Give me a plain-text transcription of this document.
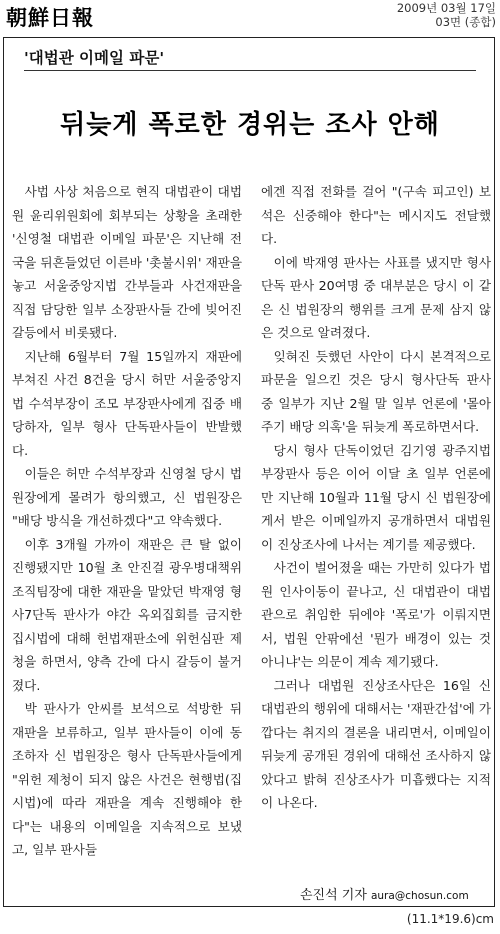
朝鮮日報	2009년 03월 17일
03면 (종합)
'대법관 이메일 파문'
뒤늦게 폭로한 경위는 조사 안해

사법 사상 처음으로 현직 대법관이 대법원 윤리위원회에 회부되는 상황을 초래한 '신영철 대법관 이메일 파문'은 지난해 전국을 뒤흔들었던 이른바 '촛불시위' 재판을 놓고 서울중앙지법 간부들과 사건재판을 직접 담당한 일부 소장판사들 간에 빚어진 갈등에서 비롯됐다.

지난해 6월부터 7월 15일까지 재판에 부쳐진 사건 8건을 당시 허만 서울중앙지법 수석부장이 조모 부장판사에게 집중 배당하자, 일부 형사 단독판사들이 반발했다.

이들은 허만 수석부장과 신영철 당시 법원장에게 몰려가 항의했고, 신 법원장은 "배당 방식을 개선하겠다"고 약속했다.

이후 3개월 가까이 재판은 큰 탈 없이 진행됐지만 10월 초 안진걸 광우병대책위 조직팀장에 대한 재판을 맡았던 박재영 형사7단독 판사가 야간 옥외집회를 금지한 집시법에 대해 헌법재판소에 위헌심판 제청을 하면서, 양측 간에 다시 갈등이 불거졌다.

박 판사가 안씨를 보석으로 석방한 뒤 재판을 보류하고, 일부 판사들이 이에 동조하자 신 법원장은 형사 단독판사들에게 "위헌 제청이 되지 않은 사건은 현행법(집시법)에 따라 재판을 계속 진행해야 한다"는 내용의 이메일을 지속적으로 보냈고, 일부 판사들

에겐 직접 전화를 걸어 "(구속 피고인) 보석은 신중해야 한다"는 메시지도 전달했다.

이에 박재영 판사는 사표를 냈지만 형사단독 판사 20여명 중 대부분은 당시 이 같은 신 법원장의 행위를 크게 문제 삼지 않은 것으로 알려졌다.

잊혀진 듯했던 사안이 다시 본격적으로 파문을 일으킨 것은 당시 형사단독 판사 중 일부가 지난 2월 말 일부 언론에 '몰아주기 배당 의혹'을 뒤늦게 폭로하면서다.

당시 형사 단독이었던 김기영 광주지법 부장판사 등은 이어 이달 초 일부 언론에만 지난해 10월과 11월 당시 신 법원장에게서 받은 이메일까지 공개하면서 대법원이 진상조사에 나서는 계기를 제공했다.

사건이 벌어졌을 때는 가만히 있다가 법원 인사이동이 끝나고, 신 대법관이 대법관으로 취임한 뒤에야 '폭로'가 이뤄지면서, 법원 안팎에선 '뭔가 배경이 있는 것 아니냐'는 의문이 계속 제기됐다.

그러나 대법원 진상조사단은 16일 신 대법관의 행위에 대해서는 '재판간섭'에 가깝다는 취지의 결론을 내리면서, 이메일이 뒤늦게 공개된 경위에 대해선 조사하지 않았다고 밝혀 진상조사가 미흡했다는 지적이 나온다.

손진석 기자 aura@chosun.com
(11.1*19.6)cm
